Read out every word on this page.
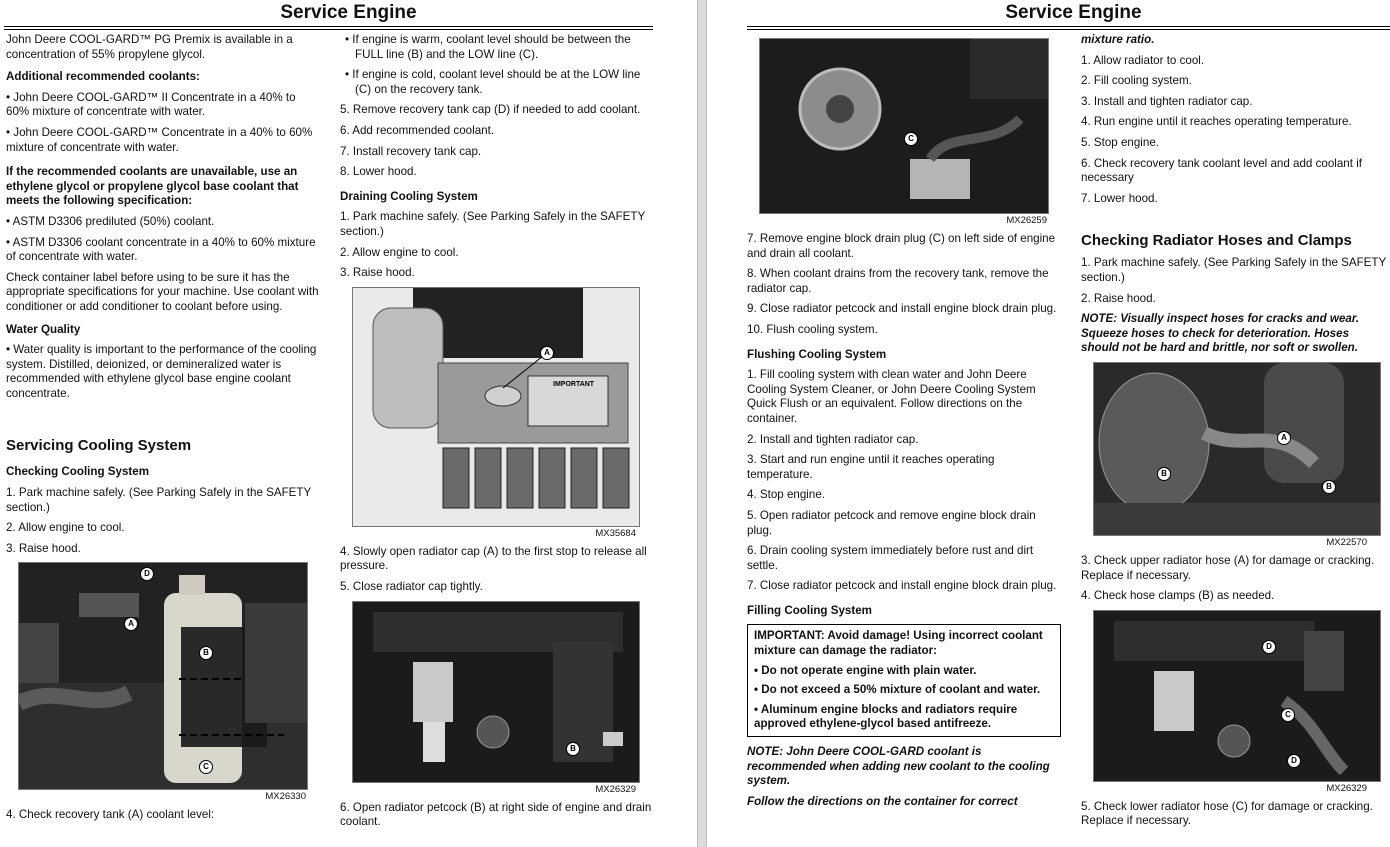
Service Engine

John Deere COOL-GARD™ PG Premix is available in a concentration of 55% propylene glycol.

Additional recommended coolants:

• John Deere COOL-GARD™ II Concentrate in a 40% to 60% mixture of concentrate with water.

• John Deere COOL-GARD™ Concentrate in a 40% to 60% mixture of concentrate with water.

If the recommended coolants are unavailable, use an ethylene glycol or propylene glycol base coolant that meets the following specification:

• ASTM D3306 prediluted (50%) coolant.

• ASTM D3306 coolant concentrate in a 40% to 60% mixture of concentrate with water.

Check container label before using to be sure it has the appropriate specifications for your machine. Use coolant with conditioner or add conditioner to coolant before using.

Water Quality

• Water quality is important to the performance of the cooling system. Distilled, deionized, or demineralized water is recommended with ethylene glycol base engine coolant concentrate.

Servicing Cooling System

Checking Cooling System

1. Park machine safely. (See Parking Safely in the SAFETY section.)

2. Allow engine to cool.

3. Raise hood.

D
A
B
C
MX26330

4. Check recovery tank (A) coolant level:

• If engine is warm, coolant level should be between the FULL line (B) and the LOW line (C).

• If engine is cold, coolant level should be at the LOW line (C) on the recovery tank.

5. Remove recovery tank cap (D) if needed to add coolant.

6. Add recommended coolant.

7. Install recovery tank cap.

8. Lower hood.

Draining Cooling System

1. Park machine safely. (See Parking Safely in the SAFETY section.)

2. Allow engine to cool.

3. Raise hood.

IMPORTANT
A
MX35684

4. Slowly open radiator cap (A) to the first stop to release all pressure.

5. Close radiator cap tightly.

B
MX26329

6. Open radiator petcock (B) at right side of engine and drain coolant.

Service Engine
C
MX26259

7. Remove engine block drain plug (C) on left side of engine and drain all coolant.

8. When coolant drains from the recovery tank, remove the radiator cap.

9. Close radiator petcock and install engine block drain plug.

10. Flush cooling system.

Flushing Cooling System

1. Fill cooling system with clean water and John Deere Cooling System Cleaner, or John Deere Cooling System Quick Flush or an equivalent. Follow directions on the container.

2. Install and tighten radiator cap.

3. Start and run engine until it reaches operating temperature.

4. Stop engine.

5. Open radiator petcock and remove engine block drain plug.

6. Drain cooling system immediately before rust and dirt settle.

7. Close radiator petcock and install engine block drain plug.

Filling Cooling System

IMPORTANT: Avoid damage! Using incorrect coolant mixture can damage the radiator:

• Do not operate engine with plain water.

• Do not exceed a 50% mixture of coolant and water.

• Aluminum engine blocks and radiators require approved ethylene-glycol based antifreeze.

NOTE: John Deere COOL-GARD coolant is recommended when adding new coolant to the cooling system.

Follow the directions on the container for correct

mixture ratio.

1. Allow radiator to cool.

2. Fill cooling system.

3. Install and tighten radiator cap.

4. Run engine until it reaches operating temperature.

5. Stop engine.

6. Check recovery tank coolant level and add coolant if necessary

7. Lower hood.

Checking Radiator Hoses and Clamps

1. Park machine safely. (See Parking Safely in the SAFETY section.)

2. Raise hood.

NOTE: Visually inspect hoses for cracks and wear. Squeeze hoses to check for deterioration. Hoses should not be hard and brittle, nor soft or swollen.

A
B
B
MX22570

3. Check upper radiator hose (A) for damage or cracking. Replace if necessary.

4. Check hose clamps (B) as needed.

D
C
D
MX26329

5. Check lower radiator hose (C) for damage or cracking. Replace if necessary.
